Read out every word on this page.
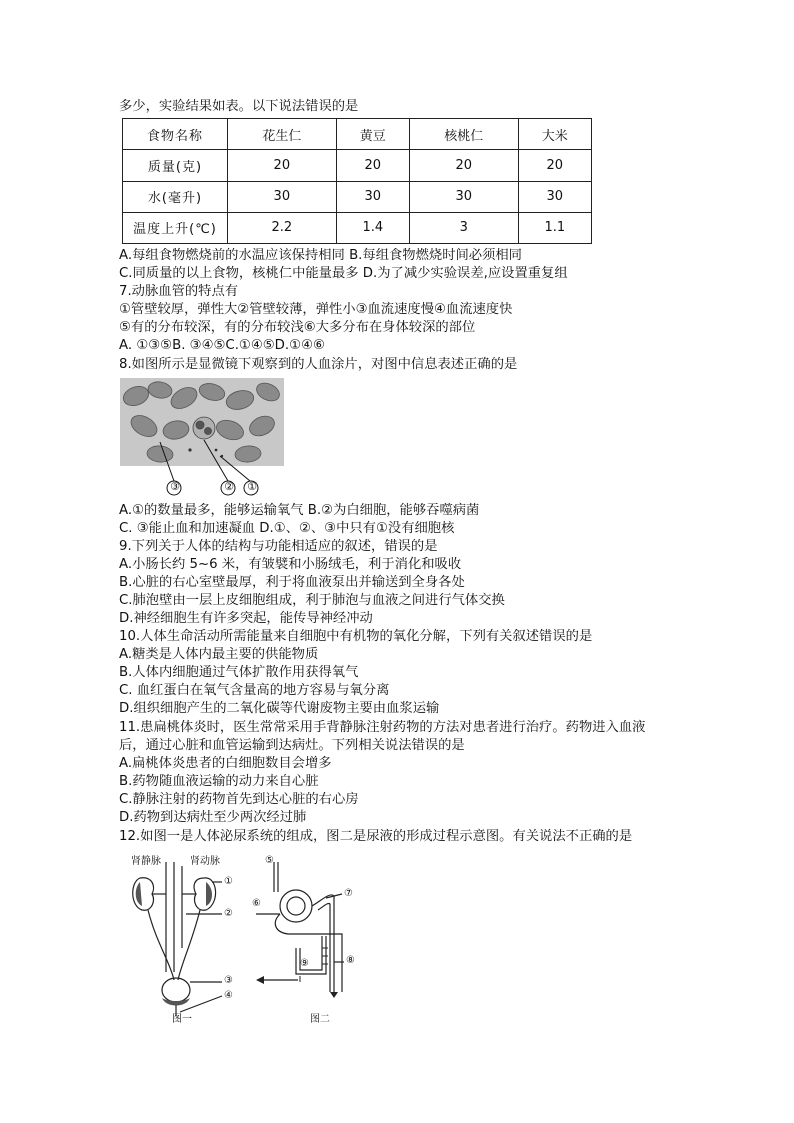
多少，实验结果如表。以下说法错误的是
食物名称	花生仁	黄豆	核桃仁	大米
质量(克)	20	20	20	20
水(毫升)	30	30	30	30
温度上升(℃)	2.2	1.4	3	1.1
A.每组食物燃烧前的水温应该保持相同 B.每组食物燃烧时间必须相同
C.同质量的以上食物，核桃仁中能量最多 D.为了减少实验误差,应设置重复组
7.动脉血管的特点有
①管壁较厚，弹性大②管壁较薄，弹性小③血流速度慢④血流速度快
⑤有的分布较深，有的分布较浅⑥大多分布在身体较深的部位
A. ①③⑤B. ③④⑤C.①④⑤D.①④⑥
8.如图所示是显微镜下观察到的人血涂片，对图中信息表述正确的是
③	② ①
A.①的数量最多，能够运输氧气 B.②为白细胞，能够吞噬病菌
C. ③能止血和加速凝血 D.①、②、③中只有①没有细胞核
9.下列关于人体的结构与功能相适应的叙述，错误的是
A.小肠长约 5~6 米，有皱襞和小肠绒毛，利于消化和吸收
B.心脏的右心室壁最厚，利于将血液泵出并输送到全身各处
C.肺泡壁由一层上皮细胞组成，利于肺泡与血液之间进行气体交换
D.神经细胞生有许多突起，能传导神经冲动
10.人体生命活动所需能量来自细胞中有机物的氧化分解，下列有关叙述错误的是
A.糖类是人体内最主要的供能物质
B.人体内细胞通过气体扩散作用获得氧气
C. 血红蛋白在氧气含量高的地方容易与氧分离
D.组织细胞产生的二氧化碳等代谢废物主要由血浆运输
11.患扁桃体炎时，医生常常采用手背静脉注射药物的方法对患者进行治疗。药物进入血液
后，通过心脏和血管运输到达病灶。下列相关说法错误的是
A.扁桃体炎患者的白细胞数目会增多
B.药物随血液运输的动力来自心脏
C.静脉注射的药物首先到达心脏的右心房
D.药物到达病灶至少两次经过肺
12.如图一是人体泌尿系统的组成，图二是尿液的形成过程示意图。有关说法不正确的是
肾静脉	肾动脉
①
②
③
④
图一
⑤
⑥
⑦
⑧
⑨
图二
